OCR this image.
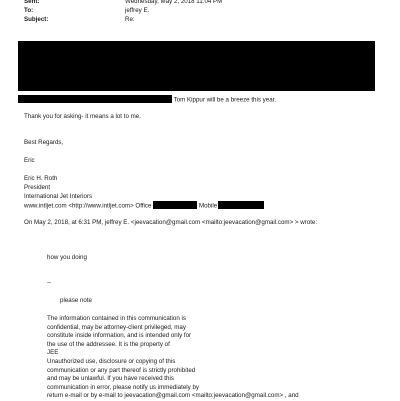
Sent:	Wednesday, May 2, 2018 11:04 PM
To:	jeffrey E.
Subject:	Re:
Tom Kippur will be a breeze this year.
Thank you for asking- it means a lot to me.
Best Regards,
Eric
Eric H. Roth
President
International Jet Interiors
www.intljet.com <http://www.intljet.com> Office	Mobile
On May 2, 2018, at 6:31 PM, jeffrey E. <jeevacation@gmail.com <mailto:jeevacation@gmail.com> > wrote:
how you doing
--
please note
The information contained in this communication is
confidential, may be attorney-client privileged, may
constitute inside information, and is intended only for
the use of the addressee. It is the property of
JEE
Unauthorized use, disclosure or copying of this
communication or any part thereof is strictly prohibited
and may be unlawful. If you have received this
communication in error, please notify us immediately by
return e-mail or by e-mail to jeevacation@gmail.com <mailto:jeevacation@gmail.com> , and
